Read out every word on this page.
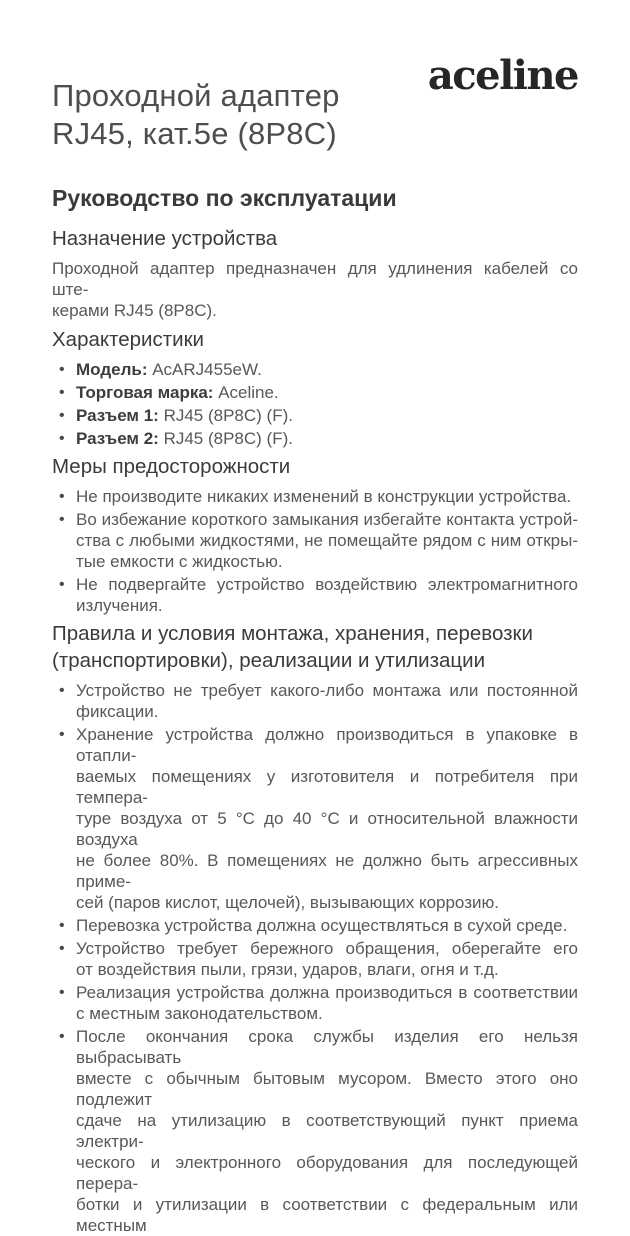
Проходной адаптер
RJ45, кат.5e (8P8C)
aceline
Руководство по эксплуатации
Назначение устройства
Проходной адаптер предназначен для удлинения кабелей со ште-
керами RJ45 (8P8C).
Характеристики
• Модель: AcARJ455eW.
• Торговая марка: Aceline.
• Разъем 1: RJ45 (8P8C) (F).
• Разъем 2: RJ45 (8P8C) (F).
Меры предосторожности
• Не производите никаких изменений в конструкции устройства.
• Во избежание короткого замыкания избегайте контакта устрой-
ства с любыми жидкостями, не помещайте рядом с ним откры-
тые емкости с жидкостью.
• Не подвергайте устройство воздействию электромагнитного
излучения.
Правила и условия монтажа, хранения, перевозки
(транспортировки), реализации и утилизации
• Устройство не требует какого-либо монтажа или постоянной
фиксации.
• Хранение устройства должно производиться в упаковке в отапли-
ваемых помещениях у изготовителя и потребителя при темпера-
туре воздуха от 5 °C до 40 °C и относительной влажности воздуха
не более 80%. В помещениях не должно быть агрессивных приме-
сей (паров кислот, щелочей), вызывающих коррозию.
• Перевозка устройства должна осуществляться в сухой среде.
• Устройство требует бережного обращения, оберегайте его
от воздействия пыли, грязи, ударов, влаги, огня и т.д.
• Реализация устройства должна производиться в соответствии
с местным законодательством.
• После окончания срока службы изделия его нельзя выбрасывать
вместе с обычным бытовым мусором. Вместо этого оно подлежит
сдаче на утилизацию в соответствующий пункт приема электри-
ческого и электронного оборудования для последующей перера-
ботки и утилизации в соответствии с федеральным или местным
